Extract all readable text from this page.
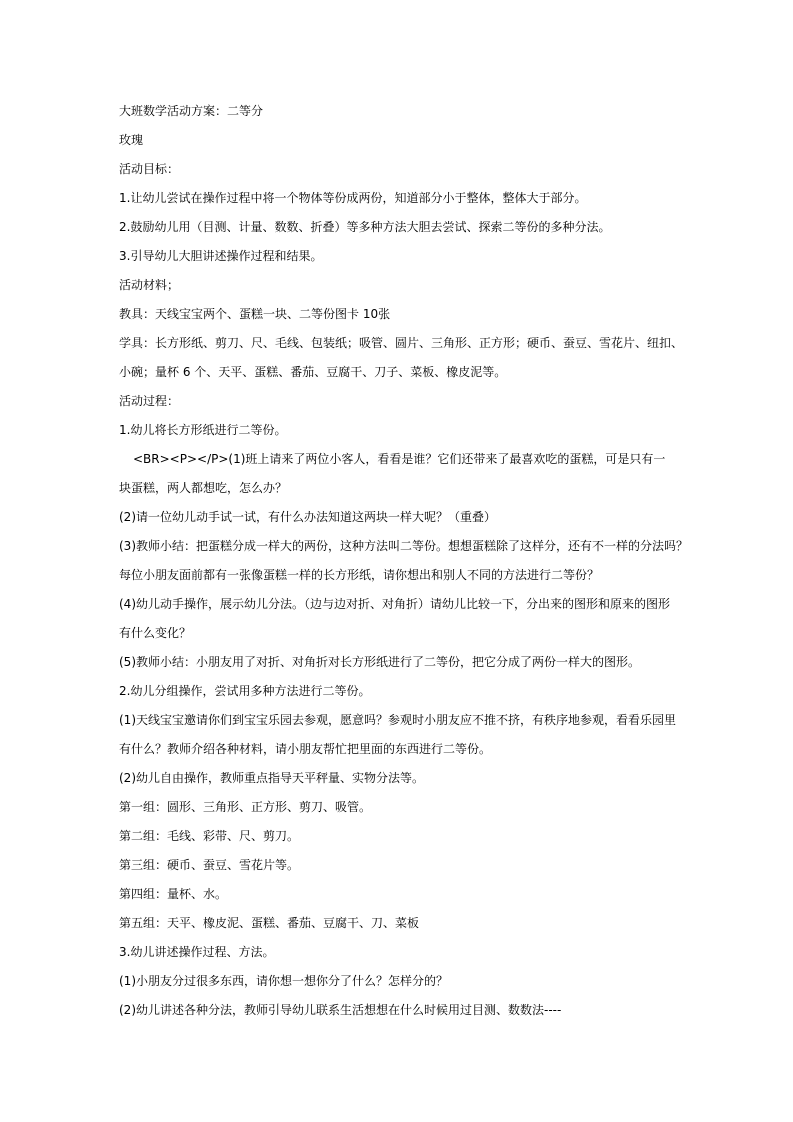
大班数学活动方案：二等分
玫瑰
活动目标：
1.让幼儿尝试在操作过程中将一个物体等份成两份，知道部分小于整体，整体大于部分。
2.鼓励幼儿用（目测、计量、数数、折叠）等多种方法大胆去尝试、探索二等份的多种分法。
3.引导幼儿大胆讲述操作过程和结果。
活动材料；
教具：天线宝宝两个、蛋糕一块、二等份图卡 10张
学具：长方形纸、剪刀、尺、毛线、包装纸；吸管、圆片、三角形、正方形；硬币、蚕豆、雪花片、纽扣、
小碗；量杯 6 个、天平、蛋糕、番茄、豆腐干、刀子、菜板、橡皮泥等。
活动过程：
1.幼儿将长方形纸进行二等份。
<BR><P></P>(1)班上请来了两位小客人，看看是谁？它们还带来了最喜欢吃的蛋糕，可是只有一
块蛋糕，两人都想吃，怎么办？
(2)请一位幼儿动手试一试，有什么办法知道这两块一样大呢？（重叠）
(3)教师小结：把蛋糕分成一样大的两份，这种方法叫二等份。想想蛋糕除了这样分，还有不一样的分法吗？
每位小朋友面前都有一张像蛋糕一样的长方形纸，请你想出和别人不同的方法进行二等份？
(4)幼儿动手操作，展示幼儿分法。（边与边对折、对角折）请幼儿比较一下，分出来的图形和原来的图形
有什么变化？
(5)教师小结：小朋友用了对折、对角折对长方形纸进行了二等份，把它分成了两份一样大的图形。
2.幼儿分组操作，尝试用多种方法进行二等份。
(1)天线宝宝邀请你们到宝宝乐园去参观，愿意吗？参观时小朋友应不推不挤，有秩序地参观，看看乐园里
有什么？教师介绍各种材料，请小朋友帮忙把里面的东西进行二等份。
(2)幼儿自由操作，教师重点指导天平秤量、实物分法等。
第一组：圆形、三角形、正方形、剪刀、吸管。
第二组：毛线、彩带、尺、剪刀。
第三组：硬币、蚕豆、雪花片等。
第四组：量杯、水。
第五组：天平、橡皮泥、蛋糕、番茄、豆腐干、刀、菜板
3.幼儿讲述操作过程、方法。
(1)小朋友分过很多东西，请你想一想你分了什么？怎样分的？
(2)幼儿讲述各种分法，教师引导幼儿联系生活想想在什么时候用过目测、数数法----
